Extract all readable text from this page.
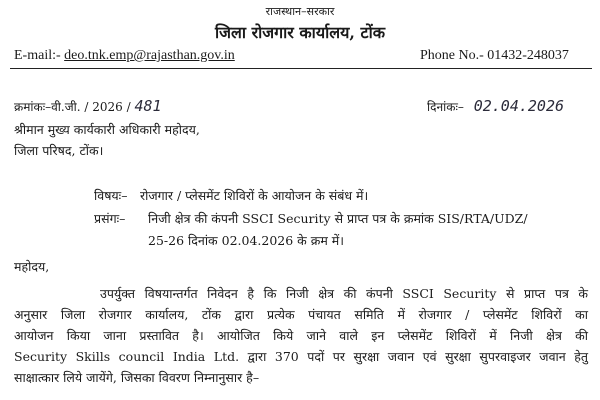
राजस्थान–सरकार
जिला रोजगार कार्यालय, टोंक
E-mail:- deo.tnk.emp@rajasthan.gov.in	Phone No.- 01432-248037
क्रमांकः–वी.जी. / 2026 / 481	दिनांकः– 02.04.2026
श्रीमान मुख्य कार्यकारी अधिकारी महोदय,
जिला परिषद, टोंक।
विषयः– रोजगार / प्लेसमेंट शिविरों के आयोजन के संबंध में।
प्रसंगः– निजी क्षेत्र की कंपनी SSCI Security से प्राप्त पत्र के क्रमांक SIS/RTA/UDZ/
25-26 दिनांक 02.04.2026 के क्रम में।
महोदय,
उपर्युक्त विषयान्तर्गत निवेदन है कि निजी क्षेत्र की कंपनी SSCI Security से प्राप्त पत्र के
अनुसार जिला रोजगार कार्यालय, टोंक द्वारा प्रत्येक पंचायत समिति में रोजगार / प्लेसमेंट शिविरों का
आयोजन किया जाना प्रस्तावित है। आयोजित किये जाने वाले इन प्लेसमेंट शिविरों में निजी क्षेत्र की
Security Skills council India Ltd. द्वारा 370 पदों पर सुरक्षा जवान एवं सुरक्षा सुपरवाइजर जवान हेतु
साक्षात्कार लिये जायेंगे, जिसका विवरण निम्नानुसार है–
